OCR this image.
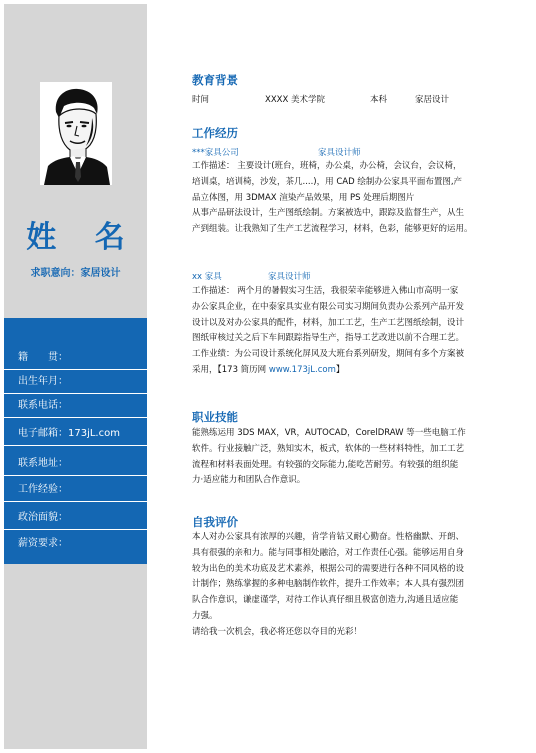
姓 名
求职意向：家居设计
籍　　贯：
出生年月：
联系电话：
电子邮箱：173jL.com
联系地址：
工作经验：
政治面貌：
薪资要求：
教育背景
时间	XXXX 美术学院	本科	家居设计
工作经历
***家具公司	家具设计师
工作描述： 主要设计(班台，班椅，办公桌，办公椅，会议台，会议椅，
培训桌，培训椅，沙发，茶几....)，用 CAD 绘制办公家具平面布置图,产
品立体图，用 3DMAX 渲染产品效果，用 PS 处理后期图片
从事产品研法设计，生产图纸绘制。方案被选中，跟踪及监督生产，从生
产到组装。让我熟知了生产工艺流程学习，材料，色彩，能够更好的运用。
xx 家具	家具设计师
工作描述： 两个月的暑假实习生活，我很荣幸能够进入佛山市高明一家
办公家具企业，在中泰家具实业有限公司实习期间负责办公系列产品开发
设计以及对办公家具的配件，材料，加工工艺，生产工艺图纸绘制，设计
图纸审核过关之后下车间跟踪指导生产，指导工艺改进以前不合理工艺。
工作业绩：为公司设计系统化屏风及大班台系列研发，期间有多个方案被
采用，【173 简历网 www.173jL.com】
职业技能
能熟练运用 3DS MAX，VR，AUTOCAD，CorelDRAW 等一些电脑工作
软件。行业接触广泛，熟知实木，板式，软体的一些材料特性，加工工艺
流程和材料表面处理。有较强的交际能力,能吃苦耐劳。有较强的组织能
力·适应能力和团队合作意识。
自我评价
本人对办公家具有浓厚的兴趣，肯学肯钻又耐心勤奋。性格幽默、开朗、
具有很强的亲和力。能与同事相处融洽，对工作责任心强。能够运用自身
较为出色的美术功底及艺术素养，根据公司的需要进行各种不同风格的设
计制作；熟练掌握的多种电脑制作软件，提升工作效率；本人具有强烈团
队合作意识，谦虚谨学，对待工作认真仔细且极富创造力,沟通且适应能
力强。
请给我一次机会，我必将还您以夺目的光彩！
